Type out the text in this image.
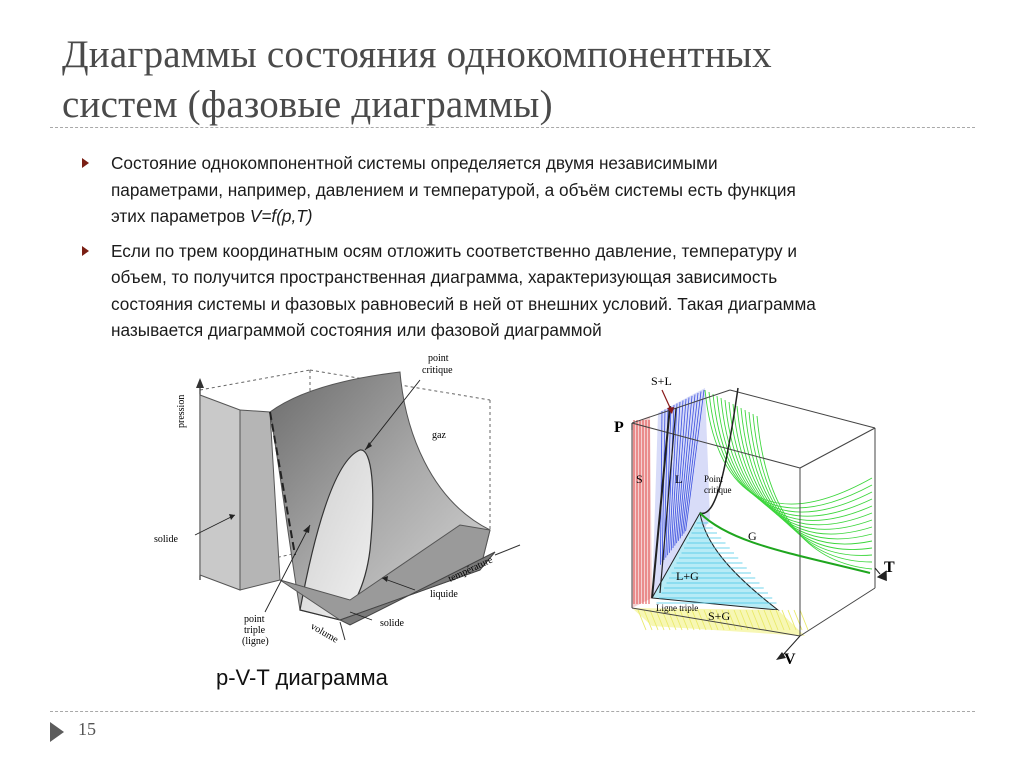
Диаграммы состояния однокомпонентных
систем (фазовые диаграммы)
Состояние однокомпонентной системы определяется двумя независимыми
параметрами, например, давлением и температурой, а объём системы есть функция
этих параметров V=f(p,T)
Если по трем координатным осям отложить соответственно давление, температуру и
объем, то получится пространственная диаграмма, характеризующая зависимость
состояния системы и фазовых равновесий в ней от внешних условий. Такая диаграмма
называется диаграммой состояния или фазовой диаграммой
pression
point
critique
gaz
solide
température
liquide
solide
volume
point
triple
(ligne)
S+L
P
T
V
S	L Point
critique
G
L+G
Ligne triple
S+G
p-V-T диаграмма
15
